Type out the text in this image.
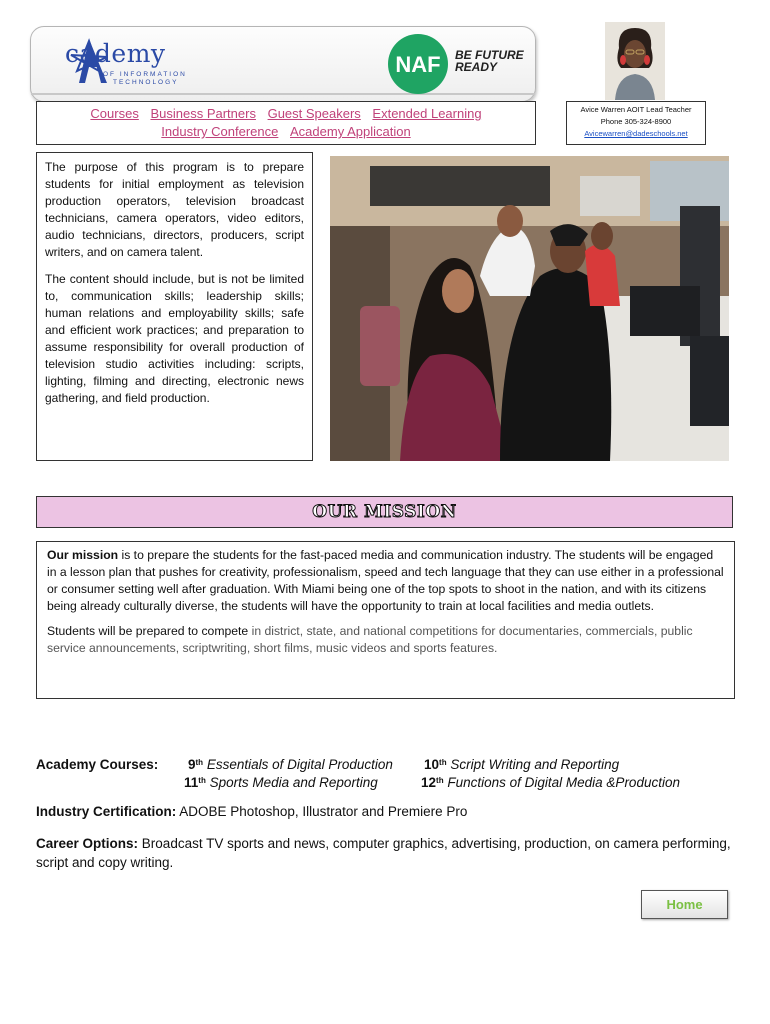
cademy
OF INFORMATION
TECHNOLOGY
NAF BE FUTURE
READY
Courses Business Partners Guest Speakers Extended Learning
Industry Conference Academy Application
Avice Warren AOIT Lead Teacher
Phone 305-324-8900
Avicewarren@dadeschools.net

The purpose of this program is to prepare students for initial employment as television production operators, television broadcast technicians, camera operators, video editors, audio technicians, directors, producers, script writers, and on camera talent.

The content should include, but is not be limited to, communication skills; leadership skills; human relations and employability skills; safe and efficient work practices; and preparation to assume responsibility for overall production of television studio activities including: scripts, lighting, filming and directing, electronic news gathering, and field production.

OUR MISSION

Our mission is to prepare the students for the fast-paced media and communication industry. The students will be engaged in a lesson plan that pushes for creativity, professionalism, speed and tech language that they can use either in a professional or consumer setting well after graduation. With Miami being one of the top spots to shoot in the nation, and with its citizens being already culturally diverse, the students will have the opportunity to train at local facilities and media outlets.

Students will be prepared to compete in district, state, and national competitions for documentaries, commercials, public service announcements, scriptwriting, short films, music videos and sports features.

Academy Courses: 9th Essentials of Digital Production 10th Script Writing and Reporting
11th Sports Media and Reporting	12th Functions of Digital Media &Production
Industry Certification: ADOBE Photoshop, Illustrator and Premiere Pro
Career Options: Broadcast TV sports and news, computer graphics, advertising, production, on camera performing, script and copy writing.
Home
